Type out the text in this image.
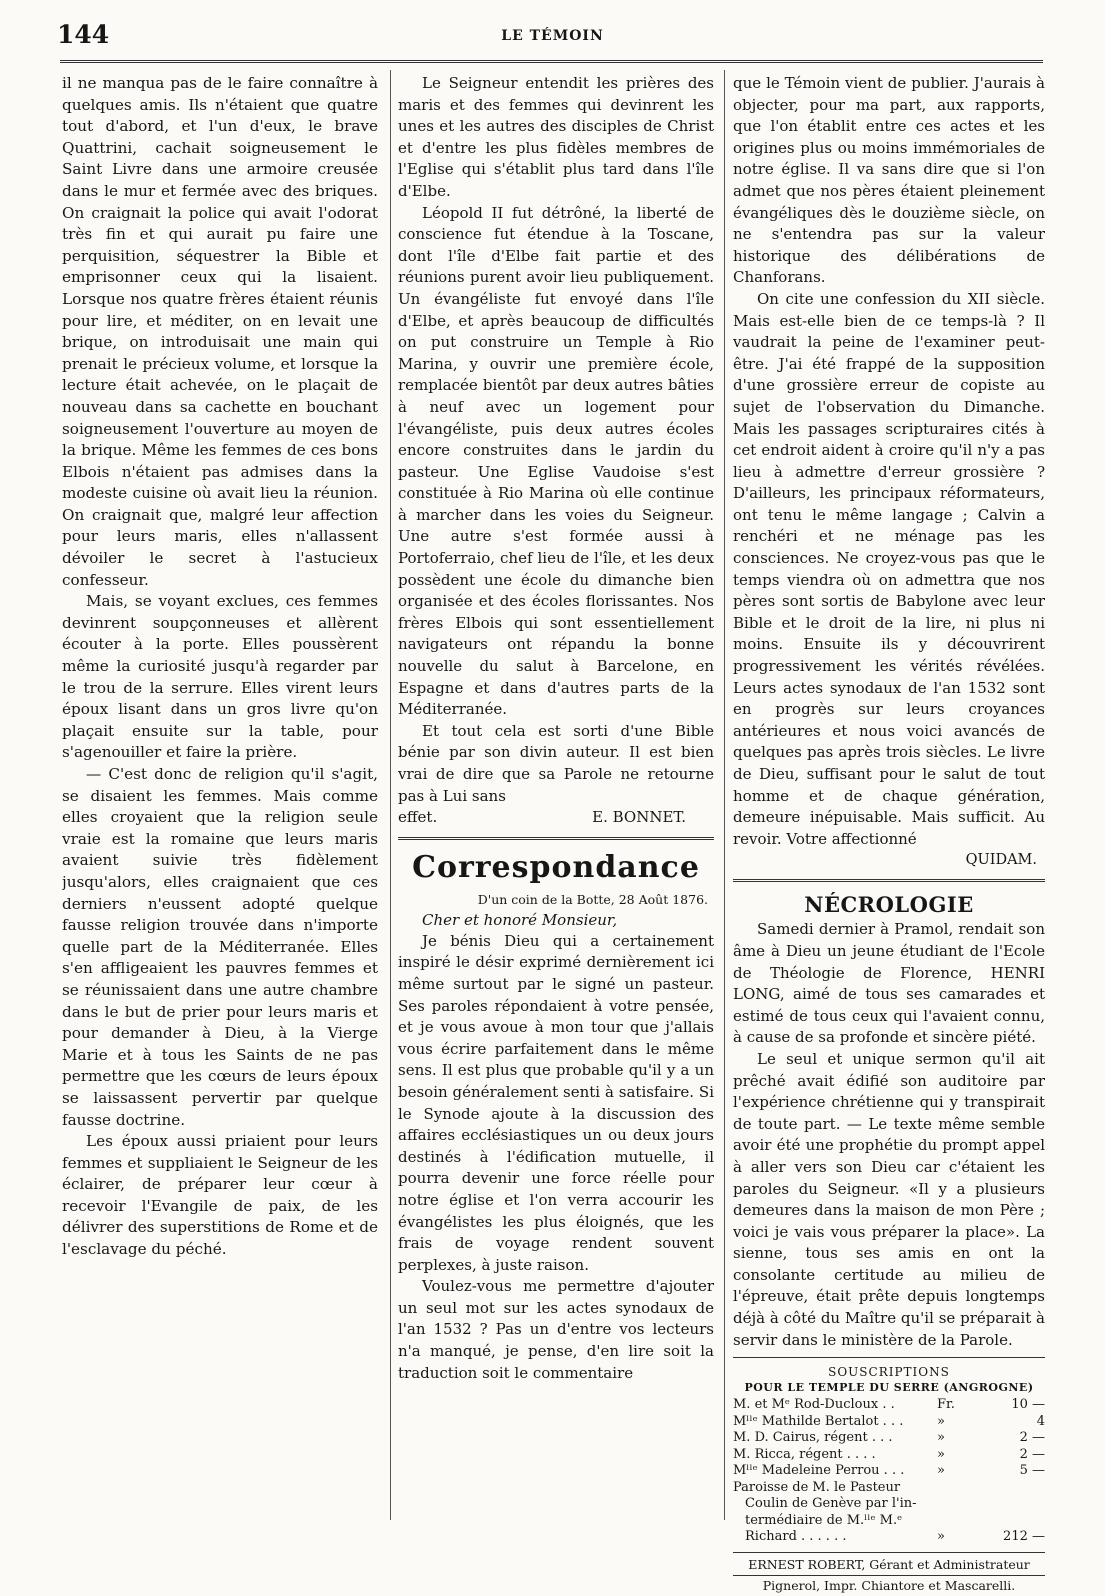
144	LE TÉMOIN

il ne manqua pas de le faire connaître à quelques amis. Ils n'étaient que quatre tout d'abord, et l'un d'eux, le brave Quattrini, cachait soigneusement le Saint Livre dans une armoire creusée dans le mur et fermée avec des briques. On craignait la police qui avait l'odorat très fin et qui aurait pu faire une perquisition, séquestrer la Bible et emprisonner ceux qui la lisaient. Lorsque nos quatre frères étaient réunis pour lire, et méditer, on en levait une brique, on introduisait une main qui prenait le précieux volume, et lorsque la lecture était achevée, on le plaçait de nouveau dans sa cachette en bouchant soigneusement l'ouverture au moyen de la brique. Même les femmes de ces bons Elbois n'étaient pas admises dans la modeste cuisine où avait lieu la réunion. On craignait que, malgré leur affection pour leurs maris, elles n'allassent dévoiler le secret à l'astucieux confesseur.

Mais, se voyant exclues, ces femmes devinrent soupçonneuses et allèrent écouter à la porte. Elles poussèrent même la curiosité jusqu'à regarder par le trou de la serrure. Elles virent leurs époux lisant dans un gros livre qu'on plaçait ensuite sur la table, pour s'agenouiller et faire la prière.

— C'est donc de religion qu'il s'agit, se disaient les femmes. Mais comme elles croyaient que la religion seule vraie est la romaine que leurs maris avaient suivie très fidèlement jusqu'alors, elles craignaient que ces derniers n'eussent adopté quelque fausse religion trouvée dans n'importe quelle part de la Méditerranée. Elles s'en affligeaient les pauvres femmes et se réunissaient dans une autre chambre dans le but de prier pour leurs maris et pour demander à Dieu, à la Vierge Marie et à tous les Saints de ne pas permettre que les cœurs de leurs époux se laissassent pervertir par quelque fausse doctrine.

Les époux aussi priaient pour leurs femmes et suppliaient le Seigneur de les éclairer, de préparer leur cœur à recevoir l'Evangile de paix, de les délivrer des superstitions de Rome et de l'esclavage du péché.

Le Seigneur entendit les prières des maris et des femmes qui devinrent les unes et les autres des disciples de Christ et d'entre les plus fidèles membres de l'Eglise qui s'établit plus tard dans l'île d'Elbe.

Léopold II fut détrôné, la liberté de conscience fut étendue à la Toscane, dont l'île d'Elbe fait partie et des réunions purent avoir lieu publiquement. Un évangéliste fut envoyé dans l'île d'Elbe, et après beaucoup de difficultés on put construire un Temple à Rio Marina, y ouvrir une première école, remplacée bientôt par deux autres bâties à neuf avec un logement pour l'évangéliste, puis deux autres écoles encore construites dans le jardin du pasteur. Une Eglise Vaudoise s'est constituée à Rio Marina où elle continue à marcher dans les voies du Seigneur. Une autre s'est formée aussi à Portoferraio, chef lieu de l'île, et les deux possèdent une école du dimanche bien organisée et des écoles florissantes. Nos frères Elbois qui sont essentiellement navigateurs ont répandu la bonne nouvelle du salut à Barcelone, en Espagne et dans d'autres parts de la Méditerranée.

Et tout cela est sorti d'une Bible bénie par son divin auteur. Il est bien vrai de dire que sa Parole ne retourne pas à Lui sans

effet.	E. BONNET.
Correspondance
D'un coin de la Botte, 28 Août 1876.
Cher et honoré Monsieur,

Je bénis Dieu qui a certainement inspiré le désir exprimé dernièrement ici même surtout par le signé un pasteur. Ses paroles répondaient à votre pensée, et je vous avoue à mon tour que j'allais vous écrire parfaitement dans le même sens. Il est plus que probable qu'il y a un besoin généralement senti à satisfaire. Si le Synode ajoute à la discussion des affaires ecclésiastiques un ou deux jours destinés à l'édification mutuelle, il pourra devenir une force réelle pour notre église et l'on verra accourir les évangélistes les plus éloignés, que les frais de voyage rendent souvent perplexes, à juste raison.

Voulez-vous me permettre d'ajouter un seul mot sur les actes synodaux de l'an 1532 ? Pas un d'entre vos lecteurs n'a manqué, je pense, d'en lire soit la traduction soit le commentaire

que le Témoin vient de publier. J'aurais à objecter, pour ma part, aux rapports, que l'on établit entre ces actes et les origines plus ou moins immémoriales de notre église. Il va sans dire que si l'on admet que nos pères étaient pleinement évangéliques dès le douzième siècle, on ne s'entendra pas sur la valeur historique des délibérations de Chanforans.

On cite une confession du XII siècle. Mais est-elle bien de ce temps-là ? Il vaudrait la peine de l'examiner peut-être. J'ai été frappé de la supposition d'une grossière erreur de copiste au sujet de l'observation du Dimanche. Mais les passages scripturaires cités à cet endroit aident à croire qu'il n'y a pas lieu à admettre d'erreur grossière ? D'ailleurs, les principaux réformateurs, ont tenu le même langage ; Calvin a renchéri et ne ménage pas les consciences. Ne croyez-vous pas que le temps viendra où on admettra que nos pères sont sortis de Babylone avec leur Bible et le droit de la lire, ni plus ni moins. Ensuite ils y découvrirent progressivement les vérités révélées. Leurs actes synodaux de l'an 1532 sont en progrès sur leurs croyances antérieures et nous voici avancés de quelques pas après trois siècles. Le livre de Dieu, suffisant pour le salut de tout homme et de chaque génération, demeure inépuisable. Mais sufficit. Au revoir. Votre affectionné

QUIDAM.
NÉCROLOGIE

Samedi dernier à Pramol, rendait son âme à Dieu un jeune étudiant de l'Ecole de Théologie de Florence, HENRI LONG, aimé de tous ses camarades et estimé de tous ceux qui l'avaient connu, à cause de sa profonde et sincère piété.

Le seul et unique sermon qu'il ait prêché avait édifié son auditoire par l'expérience chrétienne qui y transpirait de toute part. — Le texte même semble avoir été une prophétie du prompt appel à aller vers son Dieu car c'étaient les paroles du Seigneur. «Il y a plusieurs demeures dans la maison de mon Père ; voici je vais vous préparer la place». La sienne, tous ses amis en ont la consolante certitude au milieu de l'épreuve, était prête depuis longtemps déjà à côté du Maître qu'il se préparait à servir dans le ministère de la Parole.

SOUSCRIPTIONS
POUR LE TEMPLE DU SERRE (ANGROGNE)
M. et Mᵉ Rod-Ducloux . .	Fr.	10 —
Mˡˡᵉ Mathilde Bertalot . . .	»	4
M. D. Cairus, régent . . .	»	2 —
M. Ricca, régent . . . .	»	2 —
Mˡˡᵉ Madeleine Perrou . . .	»	5 —
Paroisse de M. le Pasteur
Coulin de Genève par l'in-
termédiaire de M.ˡˡᵉ M.ᵉ
Richard . . . . . .	»	212 —
ERNEST ROBERT, Gérant et Administrateur
Pignerol, Impr. Chiantore et Mascarelli.
